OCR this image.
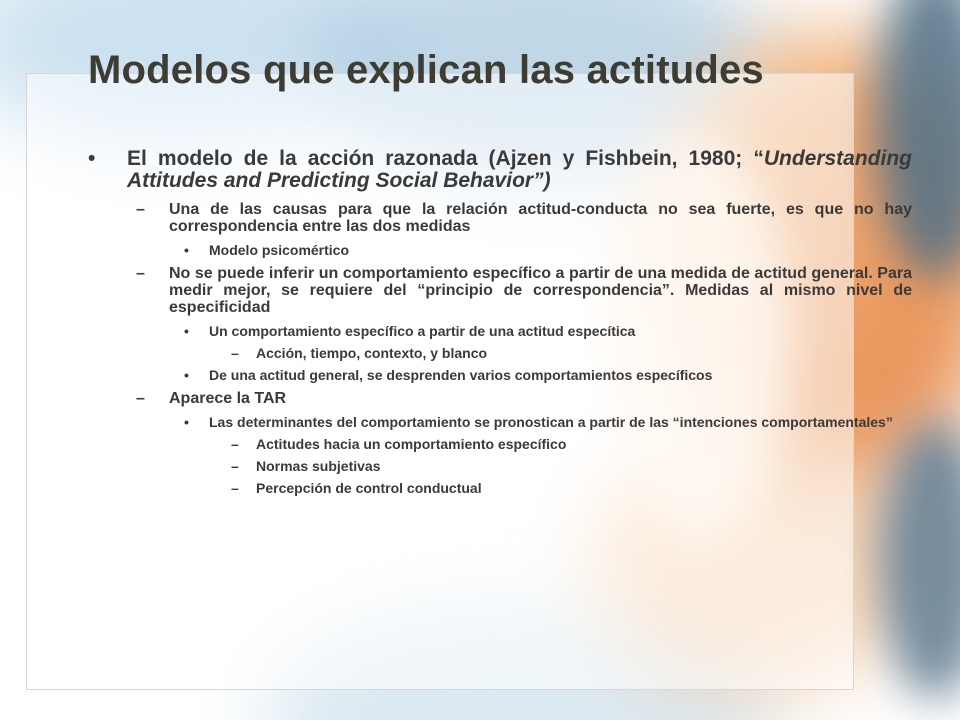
Modelos que explican las actitudes
• El modelo de la acción razonada (Ajzen y Fishbein, 1980; “Understanding Attitudes and Predicting Social Behavior”)
– Una de las causas para que la relación actitud-conducta no sea fuerte, es que no hay correspondencia entre las dos medidas
• Modelo psicomértico
– No se puede inferir un comportamiento específico a partir de una medida de actitud general. Para medir mejor, se requiere del “principio de correspondencia”. Medidas al mismo nivel de especificidad
• Un comportamiento específico a partir de una actitud especítica
– Acción, tiempo, contexto, y blanco
• De una actitud general, se desprenden varios comportamientos específicos
– Aparece la TAR
• Las determinantes del comportamiento se pronostican a partir de las “intenciones comportamentales”
– Actitudes hacia un comportamiento específico
– Normas subjetivas
– Percepción de control conductual
